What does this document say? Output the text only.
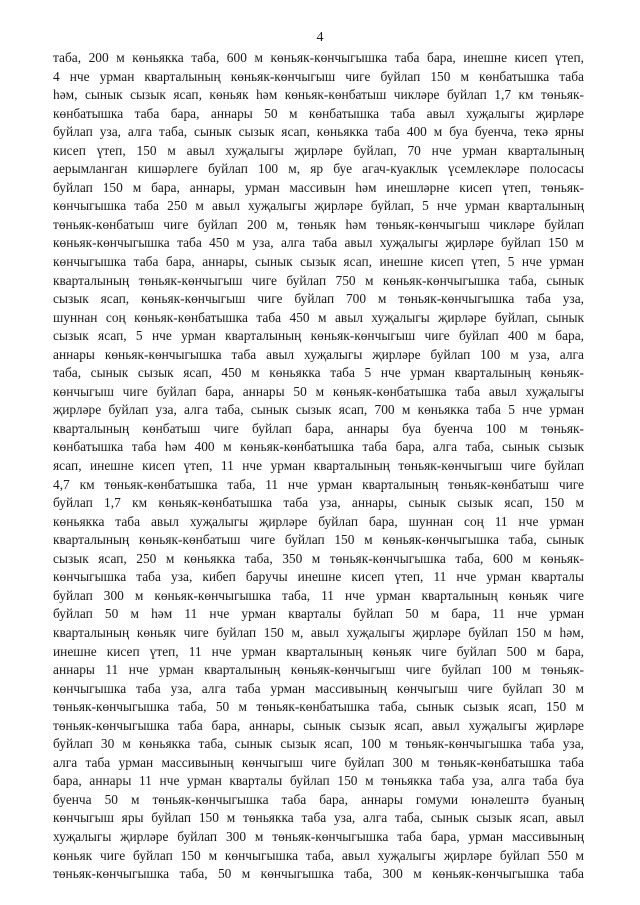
4
таба, 200 м көньякка таба, 600 м көньяк-көнчыгышка таба бара, инешне кисеп үтеп,
4 нче урман кварталының көньяк-көнчыгыш чиге буйлап 150 м көнбатышка таба
һәм, сынык сызык ясап, көньяк һәм көньяк-көнбатыш чикләре буйлап 1,7 км төньяк-
көнбатышка таба бара, аннары 50 м көнбатышка таба авыл хуҗалыгы җирләре
буйлап уза, алга таба, сынык сызык ясап, көньякка таба 400 м буа буенча, текә ярны
кисеп үтеп, 150 м авыл хуҗалыгы җирләре буйлап, 70 нче урман кварталының
аерымланган кишәрлеге буйлап 100 м, яр буе агач-куаклык үсемлекләре полосасы
буйлап 150 м бара, аннары, урман массивын һәм инешләрне кисеп үтеп, төньяк-
көнчыгышка таба 250 м авыл хуҗалыгы җирләре буйлап, 5 нче урман кварталының
төньяк-көнбатыш чиге буйлап 200 м, төньяк һәм төньяк-көнчыгыш чикләре буйлап
көньяк-көнчыгышка таба 450 м уза, алга таба авыл хуҗалыгы җирләре буйлап 150 м
көнчыгышка таба бара, аннары, сынык сызык ясап, инешне кисеп үтеп, 5 нче урман
кварталының төньяк-көнчыгыш чиге буйлап 750 м көньяк-көнчыгышка таба, сынык
сызык ясап, көньяк-көнчыгыш чиге буйлап 700 м төньяк-көнчыгышка таба уза,
шуннан соң көньяк-көнбатышка таба 450 м авыл хуҗалыгы җирләре буйлап, сынык
сызык ясап, 5 нче урман кварталының көньяк-көнчыгыш чиге буйлап 400 м бара,
аннары көньяк-көнчыгышка таба авыл хуҗалыгы җирләре буйлап 100 м уза, алга
таба, сынык сызык ясап, 450 м көньякка таба 5 нче урман кварталының көньяк-
көнчыгыш чиге буйлап бара, аннары 50 м көньяк-көнбатышка таба авыл хуҗалыгы
җирләре буйлап уза, алга таба, сынык сызык ясап, 700 м көньякка таба 5 нче урман
кварталының көнбатыш чиге буйлап бара, аннары буа буенча 100 м төньяк-
көнбатышка таба һәм 400 м көньяк-көнбатышка таба бара, алга таба, сынык сызык
ясап, инешне кисеп үтеп, 11 нче урман кварталының төньяк-көнчыгыш чиге буйлап
4,7 км төньяк-көнбатышка таба, 11 нче урман кварталының төньяк-көнбатыш чиге
буйлап 1,7 км көньяк-көнбатышка таба уза, аннары, сынык сызык ясап, 150 м
көньякка таба авыл хуҗалыгы җирләре буйлап бара, шуннан соң 11 нче урман
кварталының көньяк-көнбатыш чиге буйлап 150 м көньяк-көнчыгышка таба, сынык
сызык ясап, 250 м көньякка таба, 350 м төньяк-көнчыгышка таба, 600 м көньяк-
көнчыгышка таба уза, кибеп баручы инешне кисеп үтеп, 11 нче урман кварталы
буйлап 300 м көньяк-көнчыгышка таба, 11 нче урман кварталының көньяк чиге
буйлап 50 м һәм 11 нче урман кварталы буйлап 50 м бара, 11 нче урман
кварталының көньяк чиге буйлап 150 м, авыл хуҗалыгы җирләре буйлап 150 м һәм,
инешне кисеп үтеп, 11 нче урман кварталының көньяк чиге буйлап 500 м бара,
аннары 11 нче урман кварталының көньяк-көнчыгыш чиге буйлап 100 м төньяк-
көнчыгышка таба уза, алга таба урман массивының көнчыгыш чиге буйлап 30 м
төньяк-көнчыгышка таба, 50 м төньяк-көнбатышка таба, сынык сызык ясап, 150 м
төньяк-көнчыгышка таба бара, аннары, сынык сызык ясап, авыл хуҗалыгы җирләре
буйлап 30 м көньякка таба, сынык сызык ясап, 100 м төньяк-көнчыгышка таба уза,
алга таба урман массивының көнчыгыш чиге буйлап 300 м төньяк-көнбатышка таба
бара, аннары 11 нче урман кварталы буйлап 150 м төньякка таба уза, алга таба буа
буенча 50 м төньяк-көнчыгышка таба бара, аннары гомуми юнәлештә буаның
көнчыгыш яры буйлап 150 м төньякка таба уза, алга таба, сынык сызык ясап, авыл
хуҗалыгы җирләре буйлап 300 м төньяк-көнчыгышка таба бара, урман массивының
көньяк чиге буйлап 150 м көнчыгышка таба, авыл хуҗалыгы җирләре буйлап 550 м
төньяк-көнчыгышка таба, 50 м көнчыгышка таба, 300 м көньяк-көнчыгышка таба
